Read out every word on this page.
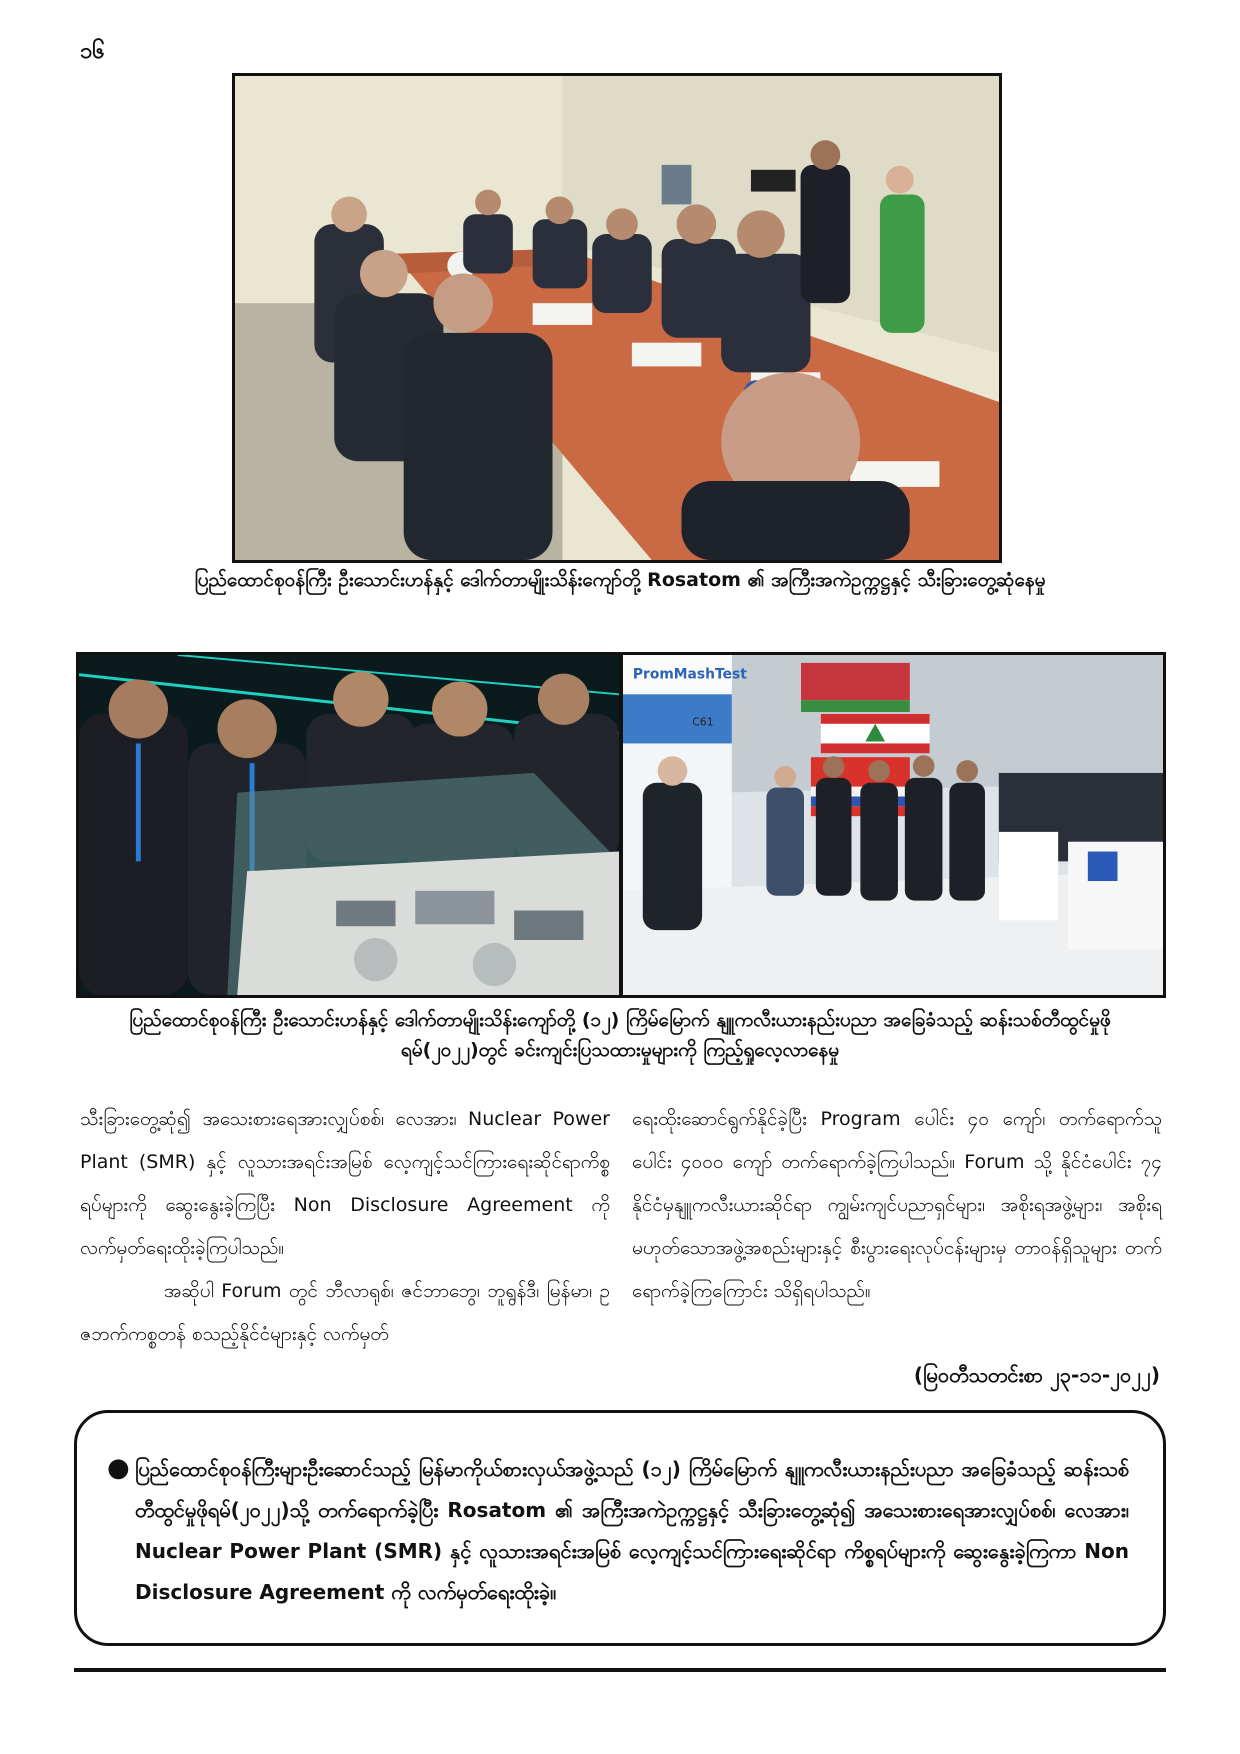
၁၆
ပြည်ထောင်စုဝန်ကြီး ဦးသောင်းဟန်နှင့် ဒေါက်တာမျိုးသိန်းကျော်တို့ Rosatom ၏ အကြီးအကဲဥက္ကဋ္ဌနှင့် သီးခြားတွေ့ဆုံနေမှု
PromMashTest
C61
ပြည်ထောင်စုဝန်ကြီး ဦးသောင်းဟန်နှင့် ဒေါက်တာမျိုးသိန်းကျော်တို့ (၁၂) ကြိမ်မြောက် နျူကလီးယားနည်းပညာ အခြေခံသည့် ဆန်းသစ်တီထွင်မှုဖိုရမ်(၂၀၂၂)တွင် ခင်းကျင်းပြသထားမှုများကို ကြည့်ရှုလေ့လာနေမှု

သီးခြားတွေ့ဆုံ၍ အသေးစားရေအားလျှပ်စစ်၊ လေအား၊ Nuclear Power Plant (SMR) နှင့် လူသားအရင်းအမြစ် လေ့ကျင့်သင်ကြားရေးဆိုင်ရာကိစ္စရပ်များကို ဆွေးနွေးခဲ့ကြပြီး Non Disclosure Agreement ကို လက်မှတ်ရေးထိုးခဲ့ကြပါသည်။

အဆိုပါ Forum တွင် ဘီလာရုစ်၊ ဇင်ဘာဘွေ၊ ဘူရွန်ဒီ၊ မြန်မာ၊ ဥဇဘက်ကစ္စတန် စသည့်နိုင်ငံများနှင့် လက်မှတ်

ရေးထိုးဆောင်ရွက်နိုင်ခဲ့ပြီး Program ပေါင်း ၄၀ ကျော်၊ တက်ရောက်သူပေါင်း ၄၀၀၀ ကျော် တက်ရောက်ခဲ့ကြပါသည်။ Forum သို့ နိုင်ငံပေါင်း ၇၄ နိုင်ငံမှနျူကလီးယားဆိုင်ရာ ကျွမ်းကျင်ပညာရှင်များ၊ အစိုးရအဖွဲ့များ၊ အစိုးရမဟုတ်သောအဖွဲ့အစည်းများနှင့် စီးပွားရေးလုပ်ငန်းများမှ တာဝန်ရှိသူများ တက်ရောက်ခဲ့ကြကြောင်း သိရှိရပါသည်။

(မြဝတီသတင်းစာ ၂၃-၁၁-၂၀၂၂)
● ပြည်ထောင်စုဝန်ကြီးများဦးဆောင်သည့် မြန်မာကိုယ်စားလှယ်အဖွဲ့သည် (၁၂) ကြိမ်မြောက် နျူကလီးယားနည်းပညာ အခြေခံသည့် ဆန်းသစ်တီထွင်မှုဖိုရမ်(၂၀၂၂)သို့ တက်ရောက်ခဲ့ပြီး Rosatom ၏ အကြီးအကဲဥက္ကဋ္ဌနှင့် သီးခြားတွေ့ဆုံ၍ အသေးစားရေအားလျှပ်စစ်၊ လေအား၊ Nuclear Power Plant (SMR) နှင့် လူသားအရင်းအမြစ် လေ့ကျင့်သင်ကြားရေးဆိုင်ရာ ကိစ္စရပ်များကို ဆွေးနွေးခဲ့ကြကာ Non Disclosure Agreement ကို လက်မှတ်ရေးထိုးခဲ့။
